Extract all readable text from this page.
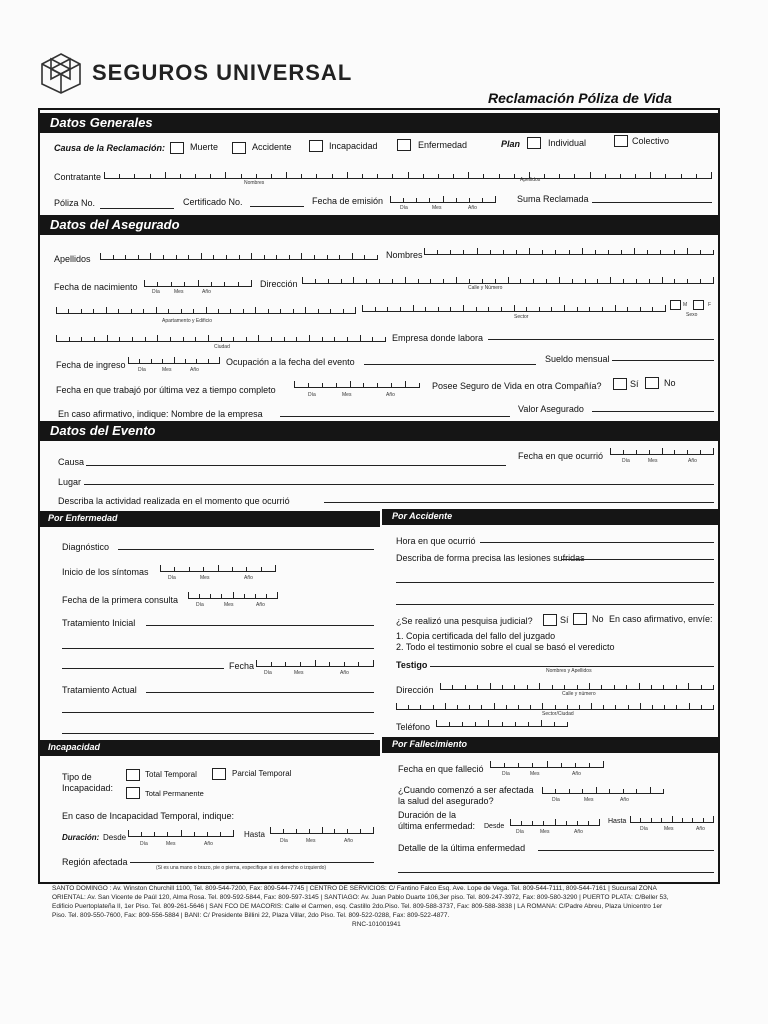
SEGUROS UNIVERSAL
Reclamación Póliza de Vida
Datos Generales
Causa de la Reclamación:	Muerte	Accidente	Incapacidad	Enfermedad	Plan	Individual	Colectivo
Contratante
Nombres	Apellidos
Póliza No.	Certificado No.	Fecha de emisión
Día	Mes	Año
Suma Reclamada
Datos del Asegurado
Apellidos	Nombres
Fecha de nacimiento	Día	Mes	Año
Dirección	Calle y Número
Apartamento y Edificio
Sector
M	F
Sexo
Ciudad
Empresa donde labora
Fecha de ingreso Día	Mes	Año
Ocupación a la fecha del evento	Sueldo mensual
Fecha en que trabajó por última vez a tiempo completo	Día	Mes	Año
Posee Seguro de Vida en otra Compañía?	Sí	No
En caso afirmativo, indique: Nombre de la empresa	Valor Asegurado
Datos del Evento
Causa
Fecha en que ocurrió	Día	Mes	Año
Lugar
Describa la actividad realizada en el momento que ocurrió
Por Enfermedad	Por Accidente
Diagnóstico
Inicio de los síntomas
Día	Mes	Año
Fecha de la primera consulta	Día	Mes	Año
Tratamiento Inicial
Fecha
Día	Mes	Año
Tratamiento Actual
Hora en que ocurrió
Describa de forma precisa las lesiones sufridas
¿Se realizó una pesquisa judicial?	Sí	No En caso afirmativo, envíe:
1. Copia certificada del fallo del juzgado
2. Todo el testimonio sobre el cual se basó el veredicto
Testigo
Nombres y Apellidos
Dirección	Calle y número
Sector/Ciudad
Teléfono
Incapacidad	Por Fallecimiento
Tipo de Incapacidad:
Total Temporal	Parcial Temporal
Total Permanente
En caso de Incapacidad Temporal, indique:
Duración: Desde
Día	Mes	Año
Hasta
Día	Mes	Año
Región afectada
(Si es una mano o brazo, pie o pierna, especifique si es derecho o izquierdo)
Fecha en que falleció	Día	Mes	Año
¿Cuando comenzó a ser afectada la salud del asegurado?	Día	Mes	Año
Duración de la última enfermedad:	Desde
Día	Mes	Año
Hasta
Día	Mes	Año
Detalle de la última enfermedad
SANTO DOMINGO : Av. Winston Churchill 1100, Tel. 809-544-7200, Fax: 809-544-7745 | CENTRO DE SERVICIOS: C/ Fantino Falco Esq. Ave. Lope de Vega. Tel. 809-544-7111, 809-544-7161 | Sucursal ZONA
ORIENTAL: Av. San Vicente de Paúl 120, Alma Rosa. Tel. 809-592-5844, Fax: 809-597-3145 | SANTIAGO: Av. Juan Pablo Duarte 106,3er piso. Tel. 809-247-3972, Fax: 809-580-3290 | PUERTO PLATA: C/Beller 53,
Edificio Puertoplateña II, 1er Piso. Tel. 809-261-5646 | SAN FCO DE MACORIS: Calle el Carmen, esq. Castillo 2do.Piso. Tel. 809-588-3737, Fax: 809-588-3838 | LA ROMANA: C/Padre Abreu, Plaza Unicentro 1er
Piso. Tel. 809-550-7600, Fax: 809-556-5884 | BANI: C/ Presidente Billini 22, Plaza Villar, 2do Piso. Tel. 809-522-0288, Fax: 809-522-4877.
RNC-101001941
